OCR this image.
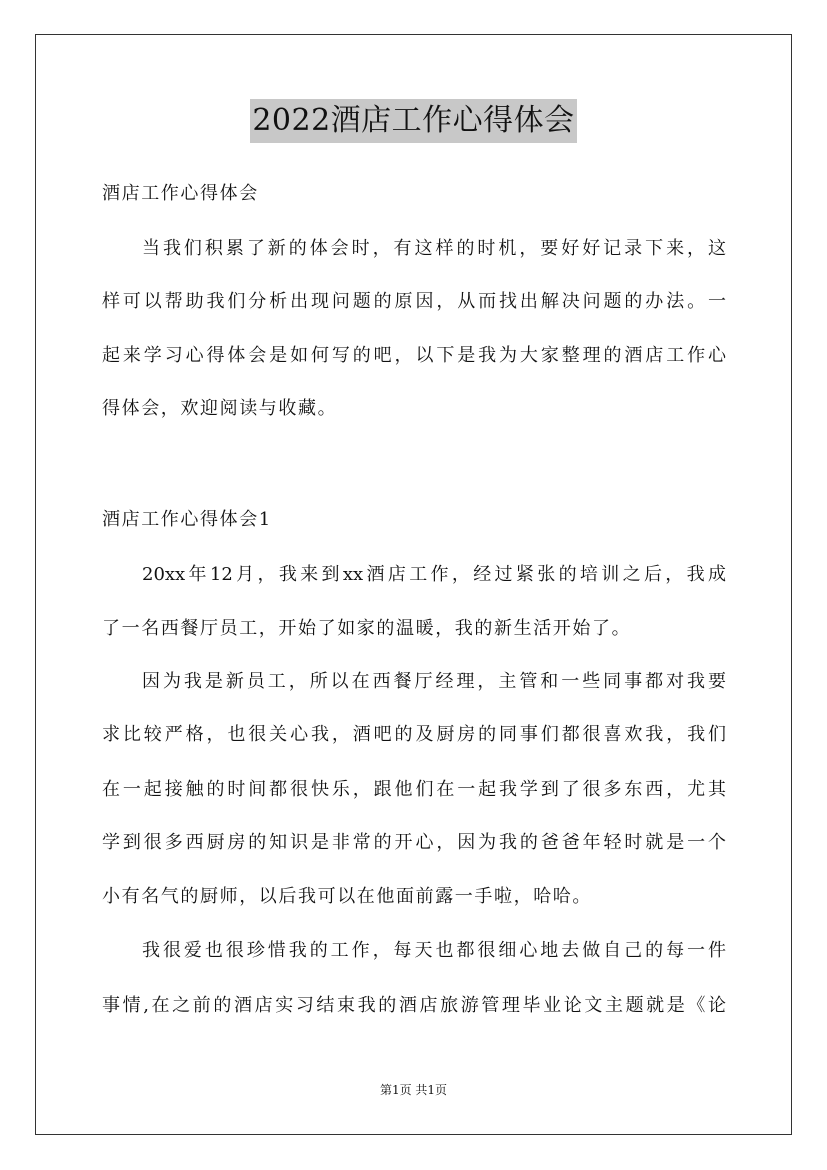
2022酒店工作心得体会

酒店工作心得体会

当我们积累了新的体会时，有这样的时机，要好好记录下来，这

样可以帮助我们分析出现问题的原因，从而找出解决问题的办法。一

起来学习心得体会是如何写的吧，以下是我为大家整理的酒店工作心

得体会，欢迎阅读与收藏。

酒店工作心得体会1

20xx年12月，我来到xx酒店工作，经过紧张的培训之后，我成

了一名西餐厅员工，开始了如家的温暖，我的新生活开始了。

因为我是新员工，所以在西餐厅经理，主管和一些同事都对我要

求比较严格，也很关心我，酒吧的及厨房的同事们都很喜欢我，我们

在一起接触的时间都很快乐，跟他们在一起我学到了很多东西，尤其

学到很多西厨房的知识是非常的开心，因为我的爸爸年轻时就是一个

小有名气的厨师，以后我可以在他面前露一手啦，哈哈。

我很爱也很珍惜我的工作，每天也都很细心地去做自己的每一件

事情,在之前的酒店实习结束我的酒店旅游管理毕业论文主题就是《论

第1页 共1页
